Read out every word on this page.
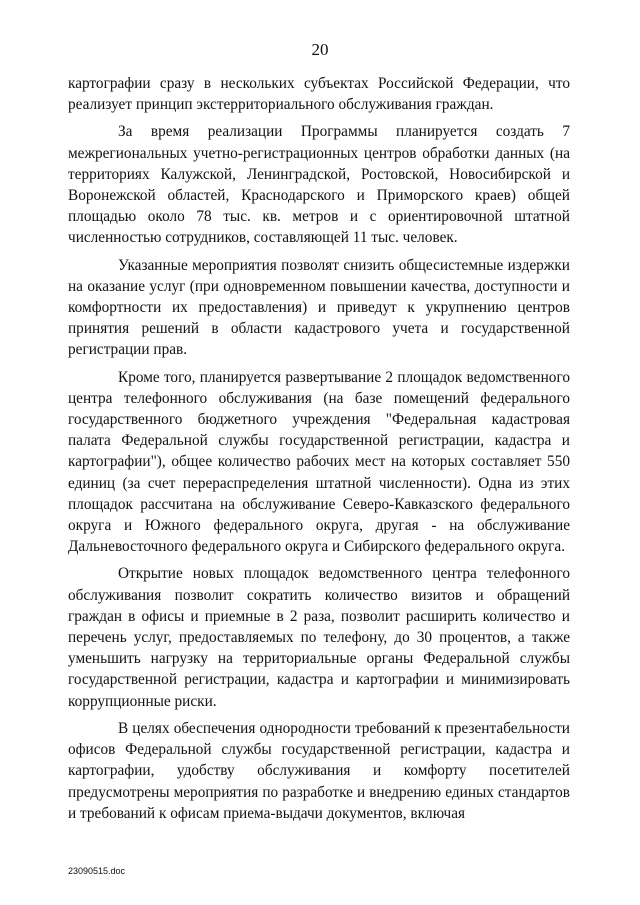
20

картографии сразу в нескольких субъектах Российской Федерации, что реализует принцип экстерриториального обслуживания граждан.

За время реализации Программы планируется создать 7 межрегиональных учетно-регистрационных центров обработки данных (на территориях Калужской, Ленинградской, Ростовской, Новосибирской и Воронежской областей, Краснодарского и Приморского краев) общей площадью около 78 тыс. кв. метров и с ориентировочной штатной численностью сотрудников, составляющей 11 тыс. человек.

Указанные мероприятия позволят снизить общесистемные издержки на оказание услуг (при одновременном повышении качества, доступности и комфортности их предоставления) и приведут к укрупнению центров принятия решений в области кадастрового учета и государственной регистрации прав.

Кроме того, планируется развертывание 2 площадок ведомственного центра телефонного обслуживания (на базе помещений федерального государственного бюджетного учреждения "Федеральная кадастровая палата Федеральной службы государственной регистрации, кадастра и картографии"), общее количество рабочих мест на которых составляет 550 единиц (за счет перераспределения штатной численности). Одна из этих площадок рассчитана на обслуживание Северо-Кавказского федерального округа и Южного федерального округа, другая - на обслуживание Дальневосточного федерального округа и Сибирского федерального округа.

Открытие новых площадок ведомственного центра телефонного обслуживания позволит сократить количество визитов и обращений граждан в офисы и приемные в 2 раза, позволит расширить количество и перечень услуг, предоставляемых по телефону, до 30 процентов, а также уменьшить нагрузку на территориальные органы Федеральной службы государственной регистрации, кадастра и картографии и минимизировать коррупционные риски.

В целях обеспечения однородности требований к презентабельности офисов Федеральной службы государственной регистрации, кадастра и картографии, удобству обслуживания и комфорту посетителей предусмотрены мероприятия по разработке и внедрению единых стандартов и требований к офисам приема-выдачи документов, включая

23090515.doc
